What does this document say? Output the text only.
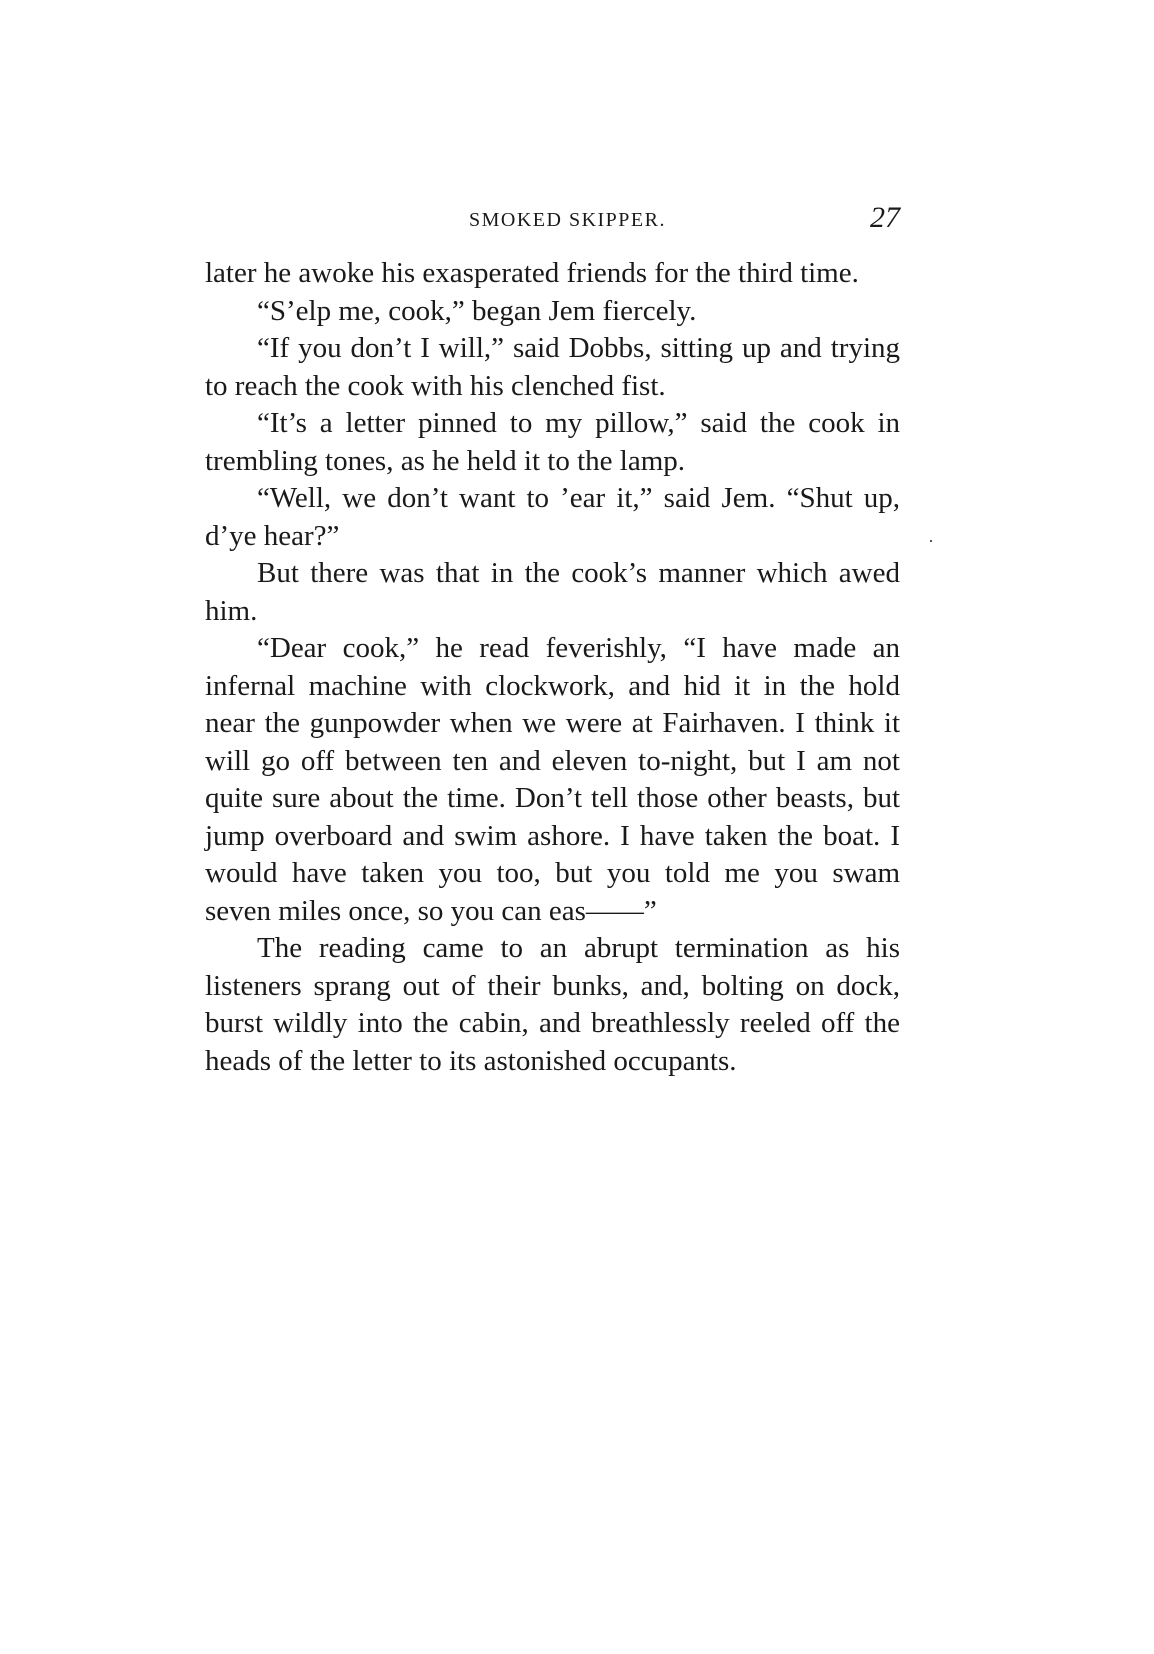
SMOKED SKIPPER.	27

later he awoke his exasperated friends for the third time.

“S’elp me, cook,” began Jem fiercely.

“If you don’t I will,” said Dobbs, sitting up and trying to reach the cook with his clenched fist.

“It’s a letter pinned to my pillow,” said the cook in trembling tones, as he held it to the lamp.

“Well, we don’t want to ’ear it,” said Jem. “Shut up, d’ye hear?”

But there was that in the cook’s manner which awed him.

“Dear cook,” he read feverishly, “I have made an infernal machine with clockwork, and hid it in the hold near the gunpowder when we were at Fairhaven. I think it will go off between ten and eleven to-night, but I am not quite sure about the time. Don’t tell those other beasts, but jump overboard and swim ashore. I have taken the boat. I would have taken you too, but you told me you swam seven miles once, so you can eas——”

The reading came to an abrupt termination as his listeners sprang out of their bunks, and, bolting on dock, burst wildly into the cabin, and breathlessly reeled off the heads of the letter to its astonished occupants.
